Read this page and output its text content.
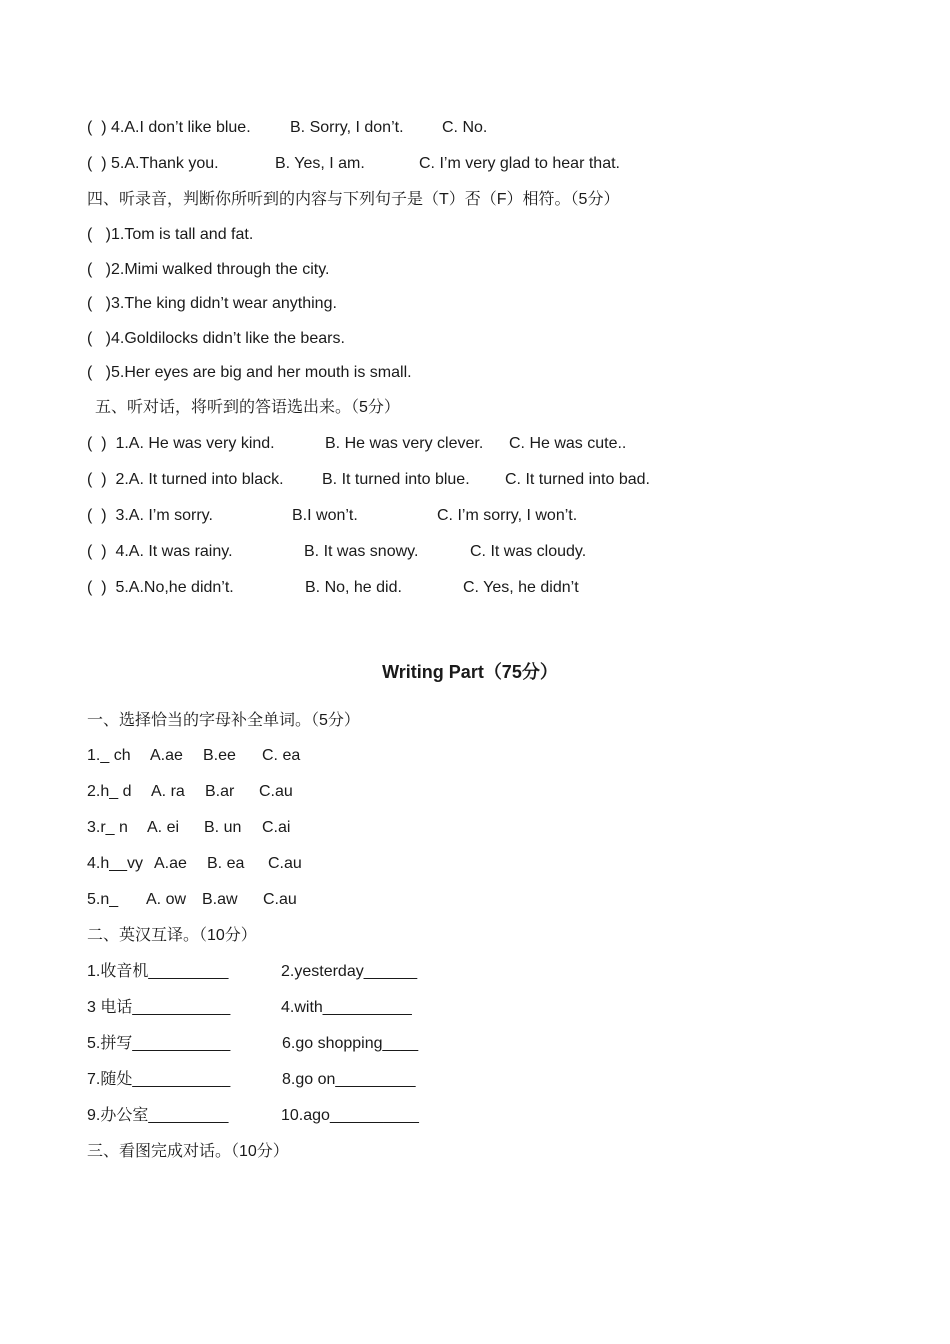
(  ) 4.A.I don’t like blue. B. Sorry, I don’t. C. No.
(  ) 5.A.Thank you.	B. Yes, I am.	C. I’m very glad to hear that.
四、听录音，判断你所听到的内容与下列句子是（T）否（F）相符。（5分）
(   )1.Tom is tall and fat.
(   )2.Mimi walked through the city.
(   )3.The king didn’t wear anything.
(   )4.Goldilocks didn’t like the bears.
(   )5.Her eyes are big and her mouth is small.
五、听对话，将听到的答语选出来。（5分）
(  )  1.A. He was very kind.	B. He was very clever. C. He was cute..
(  )  2.A. It turned into black. B. It turned into blue. C. It turned into bad.
(  )  3.A. I’m sorry.	B.I won’t.	C. I’m sorry, I won’t.
(  )  4.A. It was rainy.	B. It was snowy.	C. It was cloudy.
(  )  5.A.No,he didn’t.	B. No, he did.	C. Yes, he didn’t
Writing Part（75分）
一、选择恰当的字母补全单词。（5分）
1._ ch A.ae B.ee C. ea
2.h_ d A. ra B.ar C.au
3.r_ n A. ei B. un C.ai
4.h__vy A.ae B. ea C.au
5.n_ A. ow B.aw C.au
二、英汉互译。（10分）
1.收音机_________	2.yesterday______
3 电话___________	4.with__________
5.拼写___________	6.go shopping____
7.随处___________	8.go on_________
9.办公室_________	10.ago__________
三、看图完成对话。（10分）
